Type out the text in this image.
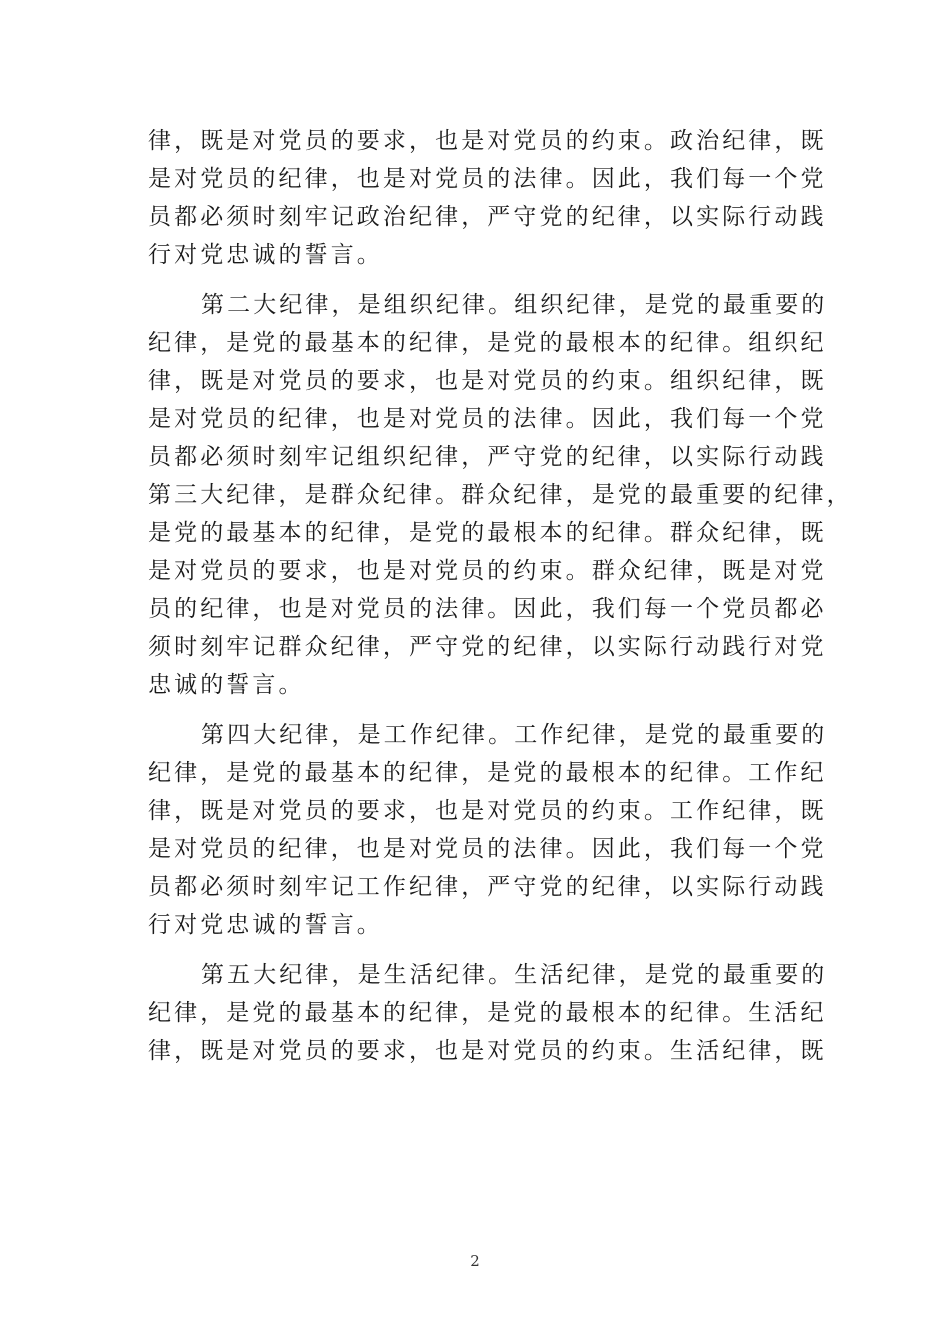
律，既是对党员的要求，也是对党员的约束。政治纪律，既
是对党员的纪律，也是对党员的法律。因此，我们每一个党
员都必须时刻牢记政治纪律，严守党的纪律，以实际行动践
行对党忠诚的誓言。
第二大纪律，是组织纪律。组织纪律，是党的最重要的
纪律，是党的最基本的纪律，是党的最根本的纪律。组织纪
律，既是对党员的要求，也是对党员的约束。组织纪律，既
是对党员的纪律，也是对党员的法律。因此，我们每一个党
员都必须时刻牢记组织纪律，严守党的纪律，以实际行动践
第三大纪律，是群众纪律。群众纪律，是党的最重要的纪律，
是党的最基本的纪律，是党的最根本的纪律。群众纪律，既
是对党员的要求，也是对党员的约束。群众纪律，既是对党
员的纪律，也是对党员的法律。因此，我们每一个党员都必
须时刻牢记群众纪律，严守党的纪律，以实际行动践行对党
忠诚的誓言。
第四大纪律，是工作纪律。工作纪律，是党的最重要的
纪律，是党的最基本的纪律，是党的最根本的纪律。工作纪
律，既是对党员的要求，也是对党员的约束。工作纪律，既
是对党员的纪律，也是对党员的法律。因此，我们每一个党
员都必须时刻牢记工作纪律，严守党的纪律，以实际行动践
行对党忠诚的誓言。
第五大纪律，是生活纪律。生活纪律，是党的最重要的
纪律，是党的最基本的纪律，是党的最根本的纪律。生活纪
律，既是对党员的要求，也是对党员的约束。生活纪律，既
2
